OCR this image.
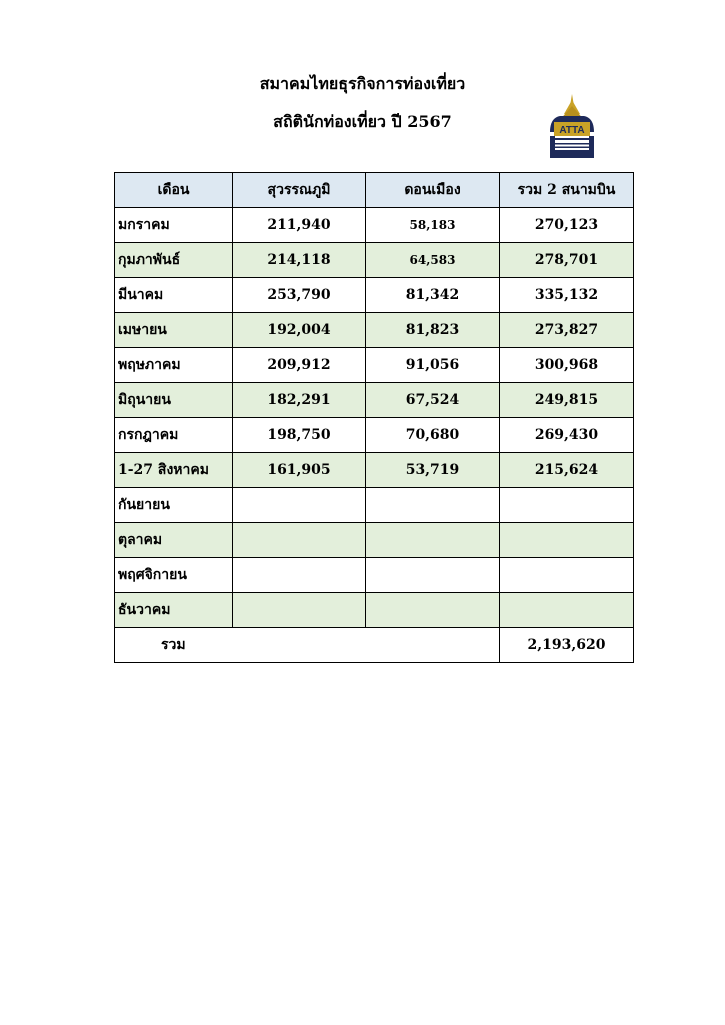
สมาคมไทยธุรกิจการท่องเที่ยว
สถิตินักท่องเที่ยว ปี 2567	ATTA
เดือน	สุวรรณภูมิ	ดอนเมือง	รวม 2 สนามบิน
มกราคม	211,940	58,183	270,123
กุมภาพันธ์	214,118	64,583	278,701
มีนาคม	253,790	81,342	335,132
เมษายน	192,004	81,823	273,827
พฤษภาคม	209,912	91,056	300,968
มิถุนายน	182,291	67,524	249,815
กรกฎาคม	198,750	70,680	269,430
1-27 สิงหาคม	161,905	53,719	215,624
กันยายน			
ตุลาคม			
พฤศจิกายน			
ธันวาคม			
รวม			2,193,620
